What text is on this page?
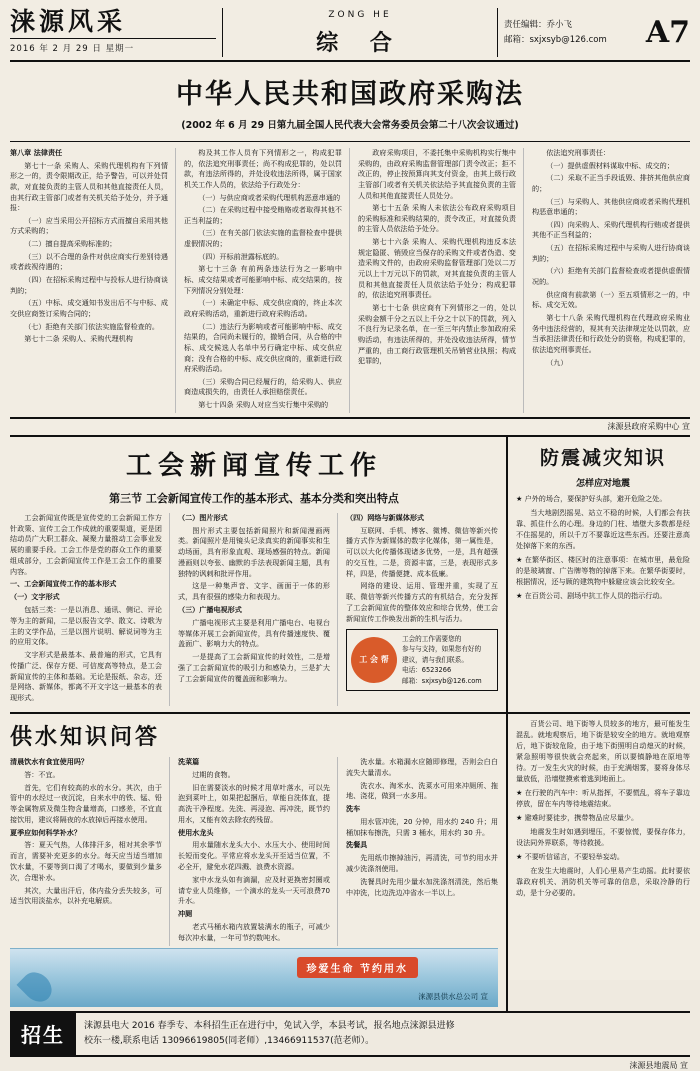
涞源风采
2016 年 2 月 29 日 星期一
ZONG HE
综 合
责任编辑：乔小飞
邮箱：sxjxsyb@126.com	A7
中华人民共和国政府采购法
(2002 年 6 月 29 日第九届全国人民代表大会常务委员会第二十八次会议通过)

第八章 法律责任

第七十一条 采购人、采购代理机构有下列情形之一的，责令限期改正，给予警告，可以并处罚款，对直接负责的主管人员和其他直接责任人员，由其行政主管部门或者有关机关给予处分，并予通报：

（一）应当采用公开招标方式而擅自采用其他方式采购的；

（二）擅自提高采购标准的；

（三）以不合理的条件对供应商实行差别待遇或者歧视待遇的；

（四）在招标采购过程中与投标人进行协商谈判的；

（五）中标、成交通知书发出后不与中标、成交供应商签订采购合同的；

（七）拒绝有关部门依法实施监督检查的。

第七十二条 采购人、采购代理机构

构及其工作人员有下列情形之一，构成犯罪的，依法追究刑事责任；尚不构成犯罪的，处以罚款，有违法所得的，并处没收违法所得，属于国家机关工作人员的，依法给予行政处分：

（一）与供应商或者采购代理机构恶意串通的

（二）在采购过程中接受贿赂或者取得其他不正当利益的；

（三）在有关部门依法实施的监督检查中提供虚假情况的；

（四）开标前泄露标底的。

第七十三条 有前两条违法行为之一影响中标、成交结果或者可能影响中标、成交结果的，按下列情况分别处理：

（一）未确定中标、成交供应商的，终止本次政府采购活动，重新进行政府采购活动。

（二）违法行为影响或者可能影响中标、成交结果的，合同尚未履行的，撤销合同，从合格的中标、成交候选人名单中另行确定中标、成交供应商；没有合格的中标、成交供应商的，重新进行政府采购活动。

（三）采购合同已经履行的，给采购人、供应商造成损失的，由责任人承担赔偿责任。

第七十四条 采购人对应当实行集中采购的

政府采购项目，不委托集中采购机构实行集中采购的，由政府采购监督管理部门责令改正；拒不改正的，停止按预算向其支付资金，由其上级行政主管部门或者有关机关依法给予其直接负责的主管人员和其他直接责任人员处分。

第七十五条 采购人未依法公布政府采购项目的采购标准和采购结果的，责令改正，对直接负责的主管人员依法给予处分。

第七十六条 采购人、采购代理机构违反本法规定隐匿、销毁应当保存的采购文件或者伪造、变造采购文件的，由政府采购监督管理部门处以二万元以上十万元以下的罚款，对其直接负责的主管人员和其他直接责任人员依法给予处分；构成犯罪的，依法追究刑事责任。

第七十七条 供应商有下列情形之一的，处以采购金额千分之五以上千分之十以下的罚款，列入不良行为记录名单，在一至三年内禁止参加政府采购活动，有违法所得的，并处没收违法所得，情节严重的，由工商行政管理机关吊销营业执照；构成犯罪的，

依法追究刑事责任：

（一）提供虚假材料谋取中标、成交的；

（二）采取不正当手段诋毁、排挤其他供应商的；

（三）与采购人、其他供应商或者采购代理机构恶意串通的；

（四）向采购人、采购代理机构行贿或者提供其他不正当利益的；

（五）在招标采购过程中与采购人进行协商谈判的；

（六）拒绝有关部门监督检查或者提供虚假情况的。

供应商有前款第（一）至五项情形之一的，中标、成交无效。

第七十八条 采购代理机构在代理政府采购业务中违法经营的，视其有关法律规定处以罚款，应当承担法律责任和行政处分的资格，构成犯罪的，依法追究刑事责任。

（九）

涞源县政府采购中心 宣
工会新闻宣传工作
第三节 工会新闻宣传工作的基本形式、基本分类和突出特点

工会新闻宣传既是宣传党的工会新闻工作方针政策、宣传工会工作成就的重要渠道，更是团结动员广大职工群众、凝聚力量推动工会事业发展的重要手段。工会工作是党的群众工作的重要组成部分，工会新闻宣传工作是工会工作的重要内容。

一、工会新闻宣传工作的基本形式

（一）文字形式

包括三类：一是以消息、通讯、侧记、评论等为主的新闻，二是以报告文学、散文、诗歌为主的文学作品，三是以图片说明、解说词等为主的应用文体。

文字形式是最基本、最普遍的形式，它具有传播广泛、保存方便、可信度高等特点，是工会新闻宣传的主体和基础。无论是报纸、杂志，还是网络、新媒体，都离不开文字这一最基本的表现形式。

（二）图片形式

图片形式主要包括新闻照片和新闻漫画两类。新闻照片是用镜头记录真实的新闻事实和生动场面，具有形象直观、现场感强的特点。新闻漫画则以夸张、幽默的手法表现新闻主题，具有独特的讽刺和批评作用。

这是一种集声音、文字、画面于一体的形式，具有很强的感染力和表现力。

（三）广播电视形式

广播电视形式主要是利用广播电台、电视台等媒体开展工会新闻宣传，具有传播速度快、覆盖面广、影响力大的特点。

一是提高了工会新闻宣传的时效性，二是增强了工会新闻宣传的吸引力和感染力，三是扩大了工会新闻宣传的覆盖面和影响力。

（四）网络与新媒体形式

互联网、手机、博客、微博、微信等新兴传播方式作为新媒体的数字化媒体，第一属性是，可以以大化传播体现诸多优势，一是，具有超强的交互性，二是，资源丰富，三是，表现形式多样，四是，传播便捷、成本低廉。

网络的建设、运用、管理并重，实现了互联、微信等新兴传播方式的有机结合，充分发挥了工会新闻宣传的整体效应和综合优势，使工会新闻宣传工作焕发出新的生机与活力。

工 会 帮
工会的工作需要您的
参与与支持，如果您有好的
建议，请与我们联系。
电话：6523266
邮箱：sxjxsyb@126.com
防震减灾知识
怎样应对地震

★ 户外的场合，要保护好头部，避开危险之处。

当大地剧烈摇晃、站立不稳的时候，人们都会有扶靠、抓住什么的心理。身边的门柱、墙壁大多数都是经不住摇晃的，所以千万不要靠近这些东西。还要注意高处掉落下来的东西。

★ 在繁华街区、楼区时的注意事项：在城市里，最危险的是玻璃窗、广告牌等物的掉落下来。在繁华街要时，根据情况，还与顾的建筑物中躲避应该会比较安全。

★ 在百货公司、剧场中抗工作人员的指示行动。

供水知识问答

清晨饮水有食宜使用吗？

答：不宜。

首先，它们有较高的水的水分。其次，由于管中的水经过一夜沉淀，自来水中的铁、锰、铅等金属物质及微生物含量增高，口感差，不宜直接饮用，建议将隔夜的水放掉后再接水使用。

夏季应如何科学补水？

答：夏天气热，人体排汗多，相对其余季节而言，需要补充更多的水分。每天应当适当增加饮水量，不要等到口渴了才喝水，要做到少量多次，合理补水。

其次，大量出汗后，体内盐分丢失较多，可适当饮用淡盐水，以补充电解质。

洗菜篇

过期的食物。

旧在需要淡水的时候才用草叶落水，可以先泡到菜叶上，如果把起捆后，草能自洗体直，提高洗干净程度。先洗、再浸泡、再冲洗，既节约用水，又能有效去除农药残留。

使用水龙头

用水量随水龙头大小、水压大小、使用时间长短而变化。平常应将水龙头开至适当位置，不必全开，避免水花四溅、浪费水资源。

家中水龙头如有滴漏，应及时更换密封圈或请专业人员维修，一个滴水的龙头一天可浪费70升水。

冲厕

老式马桶水箱内放置装满水的瓶子，可减少每次冲水量，一年可节约数吨水。

洗水量。水箱漏水应随即修理，否则会白白流失大量清水。

洗衣水、淘米水、洗菜水可用来冲厕所、拖地、浇花，做到一水多用。

洗车

用水管冲洗，20 分钟，用水约 240 升；用桶加抹布擦洗，只需 3 桶水，用水约 30 升。

洗餐具

先用纸巾擦掉油污，再清洗，可节约用水并减少洗涤剂使用。

洗餐具时先用少量水加洗涤剂清洗，然后集中冲洗，比边洗边冲省水一半以上。

珍爱生命 节约用水
涞源县供水总公司 宣

百货公司、地下街等人员较多的地方，最可能发生混乱。就地观察后，地下街是较安全的地方。就地观察后，地下街较危险，由于地下街照明自动熄灭的时候，紧急照明等很快就会亮起来，所以要镇静地在原地等待。万一发生火灾的时候，由于充满烟雾，要将身体尽量放低，沿墙壁摸索着逃到地面上。

★ 在行驶的汽车中：听从指挥，不要慌乱，将车子靠边停放，留在车内等待地震结束。

★ 避难时要徒步，携带物品应尽量少。

地震发生时如遇到埋压，不要惊慌，要保存体力，设法同外界联系，等待救援。

★ 不要听信谣言，不要轻举妄动。

在发生大地震时，人们心里易产生动摇。此时要依靠政府机关、消防机关等可靠的信息，采取冷静的行动，是十分必要的。

招生	涞源县电大 2016 春季专、本科招生正在进行中，免试入学，本县考试，报名地点涞源县进修
校东一楼,联系电话 13096619805(同老师）,13466911537(范老师）。
涞源县地震局 宣
